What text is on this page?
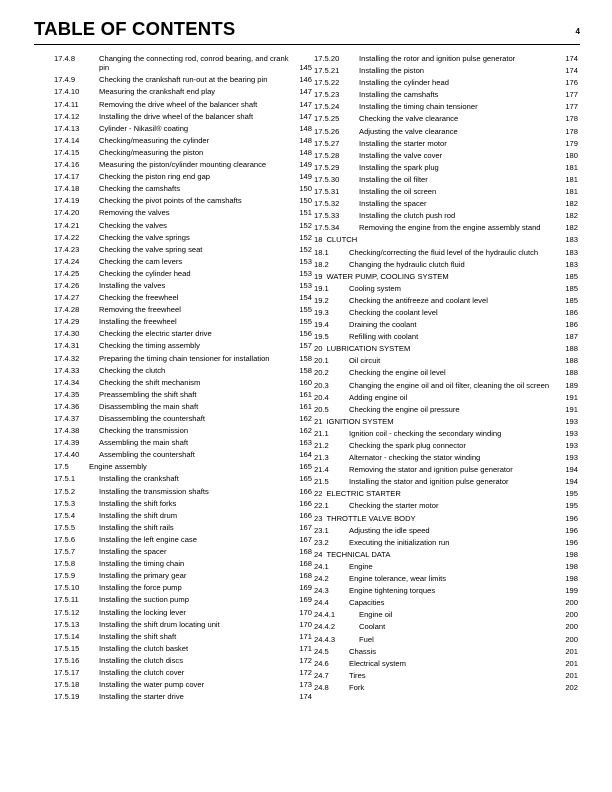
TABLE OF CONTENTS	4
17.4.8	Changing the connecting rod, conrod bearing, and crank pin	145
17.4.9	Checking the crankshaft run-out at the bearing pin	146
17.4.10	Measuring the crankshaft end play	147
17.4.11	Removing the drive wheel of the balancer shaft	147
17.4.12	Installing the drive wheel of the balancer shaft	147
17.4.13	Cylinder - Nikasil® coating	148
17.4.14	Checking/measuring the cylinder	148
17.4.15	Checking/measuring the piston	148
17.4.16	Measuring the piston/cylinder mounting clearance	149
17.4.17	Checking the piston ring end gap	149
17.4.18	Checking the camshafts	150
17.4.19	Checking the pivot points of the camshafts	150
17.4.20	Removing the valves	151
17.4.21	Checking the valves	152
17.4.22	Checking the valve springs	152
17.4.23	Checking the valve spring seat	152
17.4.24	Checking the cam levers	153
17.4.25	Checking the cylinder head	153
17.4.26	Installing the valves	153
17.4.27	Checking the freewheel	154
17.4.28	Removing the freewheel	155
17.4.29	Installing the freewheel	155
17.4.30	Checking the electric starter drive	156
17.4.31	Checking the timing assembly	157
17.4.32	Preparing the timing chain tensioner for installation	158
17.4.33	Checking the clutch	158
17.4.34	Checking the shift mechanism	160
17.4.35	Preassembling the shift shaft	161
17.4.36	Disassembling the main shaft	161
17.4.37	Disassembling the countershaft	162
17.4.38	Checking the transmission	162
17.4.39	Assembling the main shaft	163
17.4.40	Assembling the countershaft	164
17.5	Engine assembly	165
17.5.1	Installing the crankshaft	165
17.5.2	Installing the transmission shafts	166
17.5.3	Installing the shift forks	166
17.5.4	Installing the shift drum	166
17.5.5	Installing the shift rails	167
17.5.6	Installing the left engine case	167
17.5.7	Installing the spacer	168
17.5.8	Installing the timing chain	168
17.5.9	Installing the primary gear	168
17.5.10	Installing the force pump	169
17.5.11	Installing the suction pump	169
17.5.12	Installing the locking lever	170
17.5.13	Installing the shift drum locating unit	170
17.5.14	Installing the shift shaft	171
17.5.15	Installing the clutch basket	171
17.5.16	Installing the clutch discs	172
17.5.17	Installing the clutch cover	172
17.5.18	Installing the water pump cover	173
17.5.19	Installing the starter drive	174
17.5.20	Installing the rotor and ignition pulse generator	174
17.5.21	Installing the piston	174
17.5.22	Installing the cylinder head	176
17.5.23	Installing the camshafts	177
17.5.24	Installing the timing chain tensioner	177
17.5.25	Checking the valve clearance	178
17.5.26	Adjusting the valve clearance	178
17.5.27	Installing the starter motor	179
17.5.28	Installing the valve cover	180
17.5.29	Installing the spark plug	181
17.5.30	Installing the oil filter	181
17.5.31	Installing the oil screen	181
17.5.32	Installing the spacer	182
17.5.33	Installing the clutch push rod	182
17.5.34	Removing the engine from the engine assembly stand	182
18 CLUTCH	183
18.1	Checking/correcting the fluid level of the hydraulic clutch	183
18.2	Changing the hydraulic clutch fluid	183
19 WATER PUMP, COOLING SYSTEM	185
19.1	Cooling system	185
19.2	Checking the antifreeze and coolant level	185
19.3	Checking the coolant level	186
19.4	Draining the coolant	186
19.5	Refilling with coolant	187
20 LUBRICATION SYSTEM	188
20.1	Oil circuit	188
20.2	Checking the engine oil level	188
20.3	Changing the engine oil and oil filter, cleaning the oil screen	189
20.4	Adding engine oil	191
20.5	Checking the engine oil pressure	191
21 IGNITION SYSTEM	193
21.1	Ignition coil - checking the secondary winding	193
21.2	Checking the spark plug connector	193
21.3	Alternator - checking the stator winding	193
21.4	Removing the stator and ignition pulse generator	194
21.5	Installing the stator and ignition pulse generator	194
22 ELECTRIC STARTER	195
22.1	Checking the starter motor	195
23 THROTTLE VALVE BODY	196
23.1	Adjusting the idle speed	196
23.2	Executing the initialization run	196
24 TECHNICAL DATA	198
24.1	Engine	198
24.2	Engine tolerance, wear limits	198
24.3	Engine tightening torques	199
24.4	Capacities	200
24.4.1	Engine oil	200
24.4.2	Coolant	200
24.4.3	Fuel	200
24.5	Chassis	201
24.6	Electrical system	201
24.7	Tires	201
24.8	Fork	202
